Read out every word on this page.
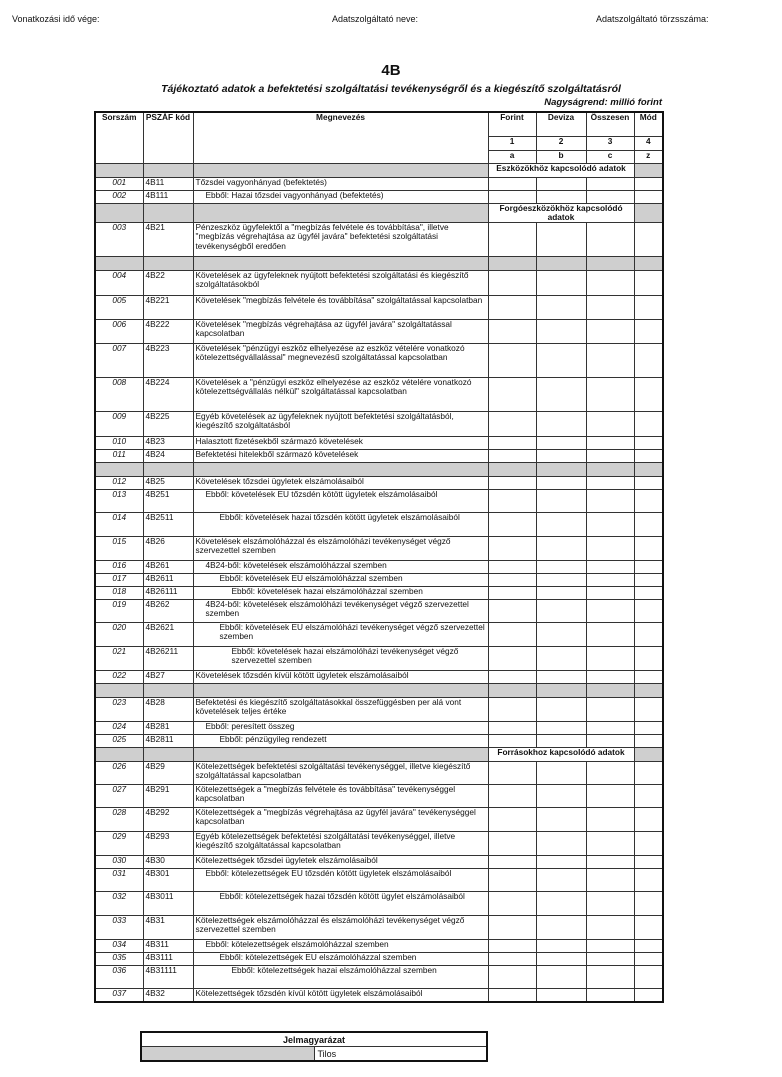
Vonatkozási idő vége:	Adatszolgáltató neve:	Adatszolgáltató törzsszáma:
4B
Tájékoztató adatok a befektetési szolgáltatási tevékenységről és a kiegészítő szolgáltatásról
Nagyságrend: millió forint
Sorszám	PSZÁF kód	Megnevezés	Forint	Deviza	Összesen	Mód
			1	2	3	4
			a	b	c	z
			Eszközökhöz kapcsolódó adatok			
001	4B11	Tőzsdei vagyonhányad (befektetés)				
002	4B111	Ebből: Hazai tőzsdei vagyonhányad (befektetés)				
			Forgóeszközökhöz kapcsolódó adatok			
003	4B21	Pénzeszköz ügyfelektől a "megbízás felvétele és továbbítása", illetve "megbízás végrehajtása az ügyfél javára" befektetési szolgáltatási tevékenységből eredően				

004	4B22	Követelések az ügyfeleknek nyújtott befektetési szolgáltatási és kiegészítő szolgáltatásokból				
005	4B221	Követelések "megbízás felvétele és továbbítása" szolgáltatással kapcsolatban				
006	4B222	Követelések "megbízás végrehajtása az ügyfél javára" szolgáltatással kapcsolatban				
007	4B223	Követelések "pénzügyi eszköz elhelyezése az eszköz vételére vonatkozó kötelezettségvállalással" megnevezésű szolgáltatással kapcsolatban				
008	4B224	Követelések a "pénzügyi eszköz elhelyezése az eszköz vételére vonatkozó kötelezettségvállalás nélkül" szolgáltatással kapcsolatban				
009	4B225	Egyéb követelések az ügyfeleknek nyújtott befektetési szolgáltatásból, kiegészítő szolgáltatásból				
010	4B23	Halasztott fizetésekből származó követelések				
011	4B24	Befektetési hitelekből származó követelések				

012	4B25	Követelések tőzsdei ügyletek elszámolásaiból				
013	4B251	Ebből: követelések EU tőzsdén kötött ügyletek elszámolásaiból				
014	4B2511	Ebből: követelések hazai tőzsdén kötött ügyletek elszámolásaiból				
015	4B26	Követelések elszámolóházzal és elszámolóházi tevékenységet végző szervezettel szemben				
016	4B261	4B24-ből: követelések elszámolóházzal szemben				
017	4B2611	Ebből: követelések EU elszámolóházzal szemben				
018	4B26111	Ebből: követelések hazai elszámolóházzal szemben				
019	4B262	4B24-ből: követelések elszámolóházi tevékenységet végző szervezettel szemben				
020	4B2621	Ebből: követelések EU elszámolóházi tevékenységet végző szervezettel szemben				
021	4B26211	Ebből: követelések hazai elszámolóházi tevékenységet végző szervezettel szemben				
022	4B27	Követelések tőzsdén kívül kötött ügyletek elszámolásaiból				

023	4B28	Befektetési és kiegészítő szolgáltatásokkal összefüggésben per alá vont követelések teljes értéke				
024	4B281	Ebből: peresített összeg				
025	4B2811	Ebből: pénzügyileg rendezett				
			Forrásokhoz kapcsolódó adatok			
026	4B29	Kötelezettségek befektetési szolgáltatási tevékenységgel, illetve kiegészítő szolgáltatással kapcsolatban				
027	4B291	Kötelezettségek a "megbízás felvétele és továbbítása" tevékenységgel kapcsolatban				
028	4B292	Kötelezettségek a "megbízás végrehajtása az ügyfél javára" tevékenységgel kapcsolatban				
029	4B293	Egyéb kötelezettségek befektetési szolgáltatási tevékenységgel, illetve kiegészítő szolgáltatással kapcsolatban				
030	4B30	Kötelezettségek tőzsdei ügyletek elszámolásaiból				
031	4B301	Ebből: kötelezettségek EU tőzsdén kötött ügyletek elszámolásaiból				
032	4B3011	Ebből: kötelezettségek hazai tőzsdén kötött ügylet elszámolásaiból				
033	4B31	Kötelezettségek elszámolóházzal és elszámolóházi tevékenységet végző szervezettel szemben				
034	4B311	Ebből: kötelezettségek elszámolóházzal szemben				
035	4B3111	Ebből: kötelezettségek EU elszámolóházzal szemben				
036	4B31111	Ebből: kötelezettségek hazai elszámolóházzal szemben				
037	4B32	Kötelezettségek tőzsdén kívül kötött ügyletek elszámolásaiból				
Jelmagyarázat
	Tilos
